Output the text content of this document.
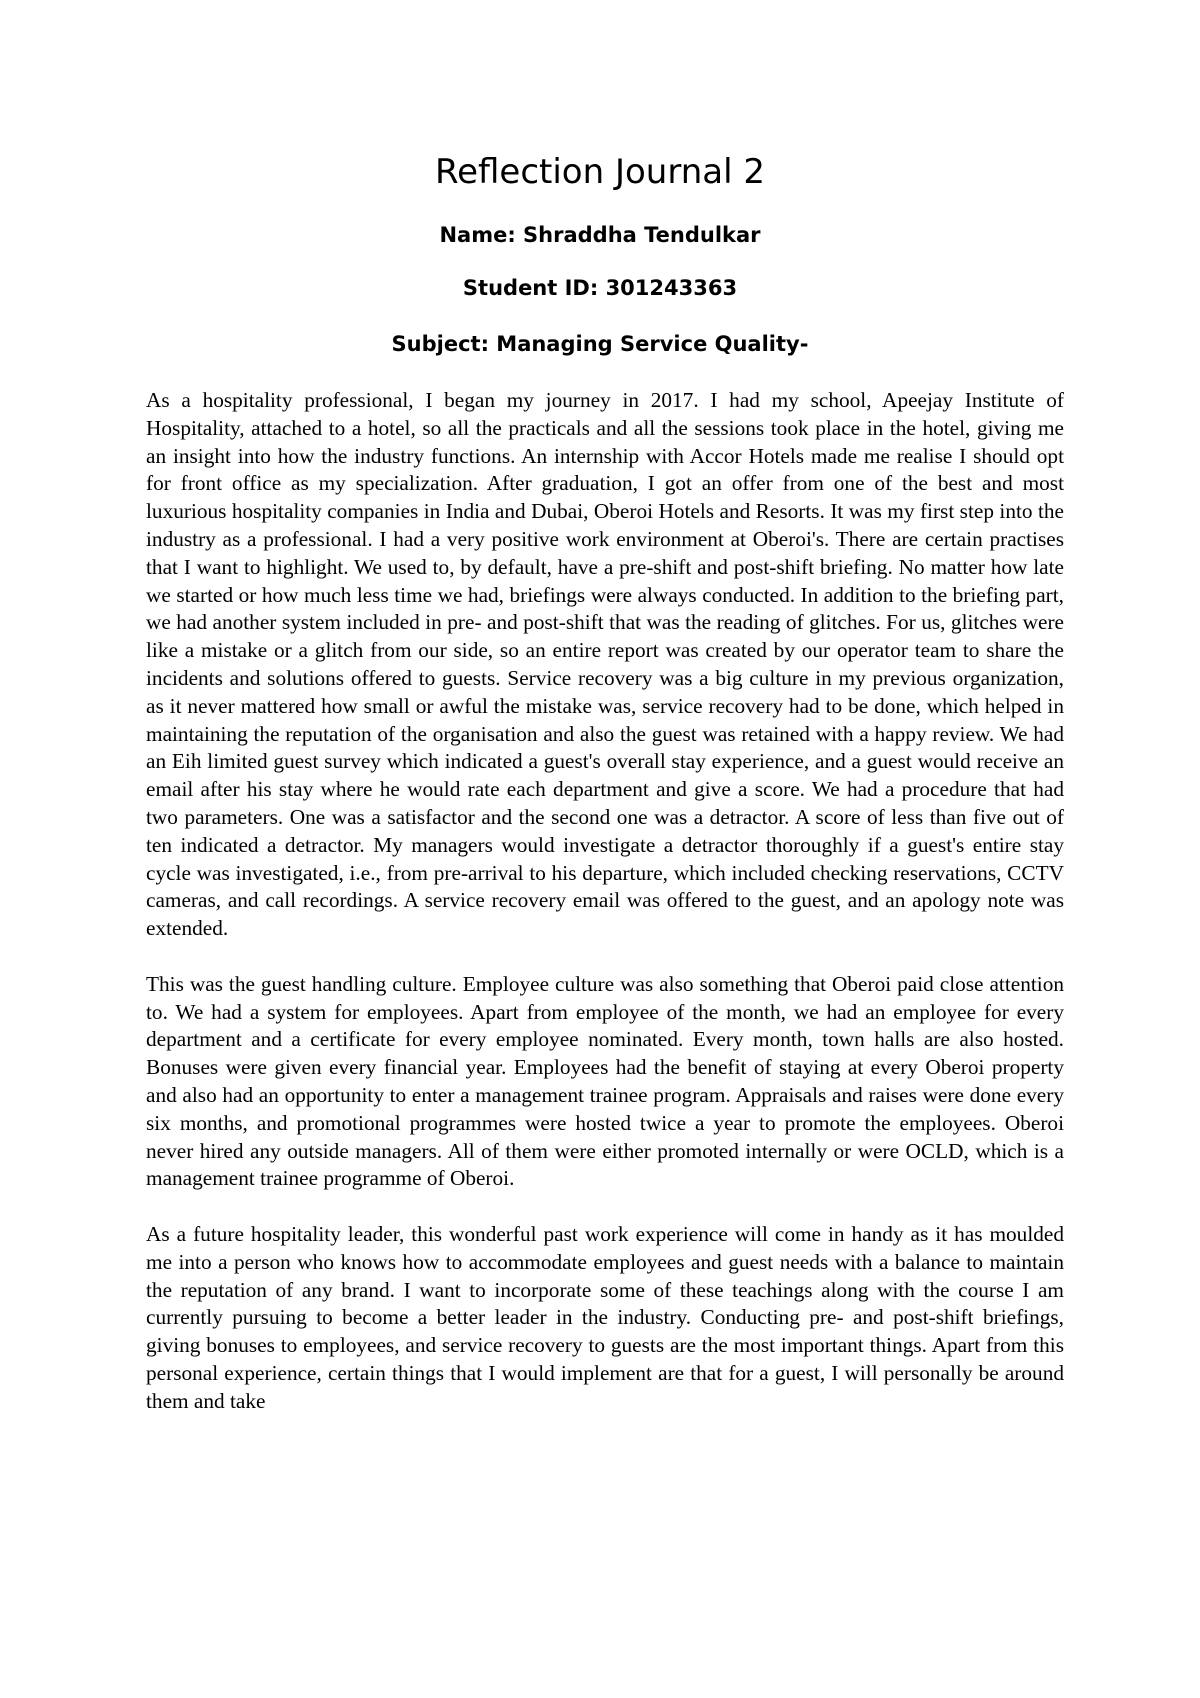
Reflection Journal 2

Name: Shraddha Tendulkar

Student ID: 301243363

Subject: Managing Service Quality-

As a hospitality professional, I began my journey in 2017. I had my school, Apeejay Institute of Hospitality, attached to a hotel, so all the practicals and all the sessions took place in the hotel, giving me an insight into how the industry functions. An internship with Accor Hotels made me realise I should opt for front office as my specialization. After graduation, I got an offer from one of the best and most luxurious hospitality companies in India and Dubai, Oberoi Hotels and Resorts. It was my first step into the industry as a professional. I had a very positive work environment at Oberoi's. There are certain practises that I want to highlight. We used to, by default, have a pre-shift and post-shift briefing. No matter how late we started or how much less time we had, briefings were always conducted. In addition to the briefing part, we had another system included in pre- and post-shift that was the reading of glitches. For us, glitches were like a mistake or a glitch from our side, so an entire report was created by our operator team to share the incidents and solutions offered to guests. Service recovery was a big culture in my previous organization, as it never mattered how small or awful the mistake was, service recovery had to be done, which helped in maintaining the reputation of the organisation and also the guest was retained with a happy review. We had an Eih limited guest survey which indicated a guest's overall stay experience, and a guest would receive an email after his stay where he would rate each department and give a score. We had a procedure that had two parameters. One was a satisfactor and the second one was a detractor. A score of less than five out of ten indicated a detractor. My managers would investigate a detractor thoroughly if a guest's entire stay cycle was investigated, i.e., from pre-arrival to his departure, which included checking reservations, CCTV cameras, and call recordings. A service recovery email was offered to the guest, and an apology note was extended.

This was the guest handling culture. Employee culture was also something that Oberoi paid close attention to. We had a system for employees. Apart from employee of the month, we had an employee for every department and a certificate for every employee nominated. Every month, town halls are also hosted. Bonuses were given every financial year. Employees had the benefit of staying at every Oberoi property and also had an opportunity to enter a management trainee program. Appraisals and raises were done every six months, and promotional programmes were hosted twice a year to promote the employees. Oberoi never hired any outside managers. All of them were either promoted internally or were OCLD, which is a management trainee programme of Oberoi.

As a future hospitality leader, this wonderful past work experience will come in handy as it has moulded me into a person who knows how to accommodate employees and guest needs with a balance to maintain the reputation of any brand. I want to incorporate some of these teachings along with the course I am currently pursuing to become a better leader in the industry. Conducting pre- and post-shift briefings, giving bonuses to employees, and service recovery to guests are the most important things. Apart from this personal experience, certain things that I would implement are that for a guest, I will personally be around them and take
